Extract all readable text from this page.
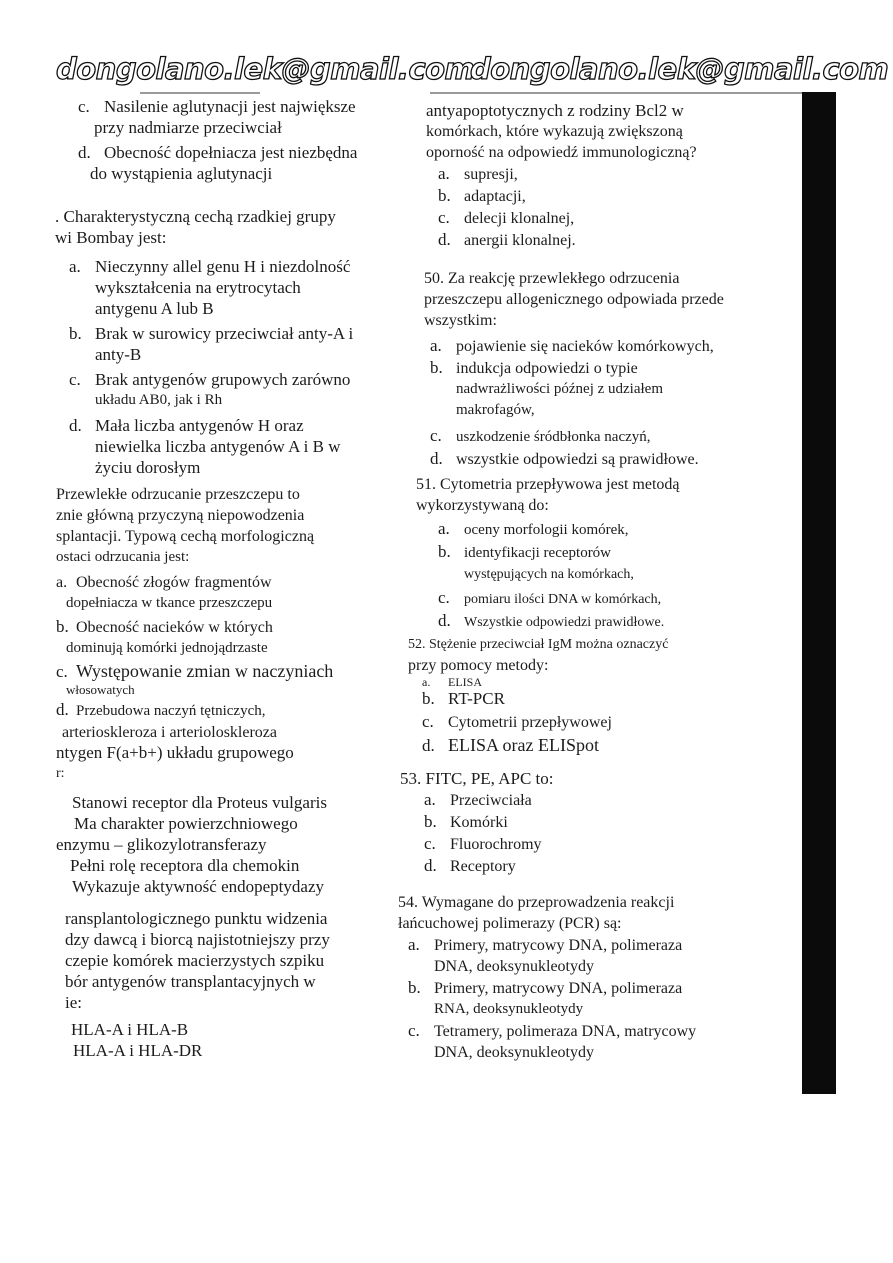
dongolano.lek@gmail.com
dongolano.lek@gmail.com
c. Nasilenie aglutynacji jest największe
przy nadmiarze przeciwciał
d. Obecność dopełniacza jest niezbędna
do wystąpienia aglutynacji
. Charakterystyczną cechą rzadkiej grupy
wi Bombay jest:
a. Nieczynny allel genu H i niezdolność
wykształcenia na erytrocytach
antygenu A lub B
b. Brak w surowicy przeciwciał anty-A i
anty-B
c. Brak antygenów grupowych zarówno
układu AB0, jak i Rh
d. Mała liczba antygenów H oraz
niewielka liczba antygenów A i B w
życiu dorosłym
Przewlekłe odrzucanie przeszczepu to
znie główną przyczyną niepowodzenia
splantacji. Typową cechą morfologiczną
ostaci odrzucania jest:
a. Obecność złogów fragmentów
dopełniacza w tkance przeszczepu
b. Obecność nacieków w których
dominują komórki jednojądrzaste
c. Występowanie zmian w naczyniach
włosowatych
d. Przebudowa naczyń tętniczych,
arterioskleroza i arterioloskleroza
ntygen F(a+b+) układu grupowego
r:
Stanowi receptor dla Proteus vulgaris
Ma charakter powierzchniowego
enzymu – glikozylotransferazy
Pełni rolę receptora dla chemokin
Wykazuje aktywność endopeptydazy
ransplantologicznego punktu widzenia
dzy dawcą i biorcą najistotniejszy przy
czepie komórek macierzystych szpiku
bór antygenów transplantacyjnych w
ie:
HLA-A i HLA-B
HLA-A i HLA-DR
antyapoptotycznych z rodziny Bcl2 w
komórkach, które wykazują zwiększoną
oporność na odpowiedź immunologiczną?
a. supresji,
b. adaptacji,
c. delecji klonalnej,
d. anergii klonalnej.
50. Za reakcję przewlekłego odrzucenia
przeszczepu allogenicznego odpowiada przede
wszystkim:
a. pojawienie się nacieków komórkowych,
b. indukcja odpowiedzi o typie
nadwrażliwości późnej z udziałem
makrofagów,
c. uszkodzenie śródbłonka naczyń,
d. wszystkie odpowiedzi są prawidłowe.
51. Cytometria przepływowa jest metodą
wykorzystywaną do:
a. oceny morfologii komórek,
b. identyfikacji receptorów
występujących na komórkach,
c. pomiaru ilości DNA w komórkach,
d. Wszystkie odpowiedzi prawidłowe.
52. Stężenie przeciwciał IgM można oznaczyć
przy pomocy metody:
a. ELISA
b. RT-PCR
c. Cytometrii przepływowej
d. ELISA oraz ELISpot
53. FITC, PE, APC to:
a. Przeciwciała
b. Komórki
c. Fluorochromy
d. Receptory
54. Wymagane do przeprowadzenia reakcji
łańcuchowej polimerazy (PCR) są:
a. Primery, matrycowy DNA, polimeraza
DNA, deoksynukleotydy
b. Primery, matrycowy DNA, polimeraza
RNA, deoksynukleotydy
c. Tetramery, polimeraza DNA, matrycowy
DNA, deoksynukleotydy
